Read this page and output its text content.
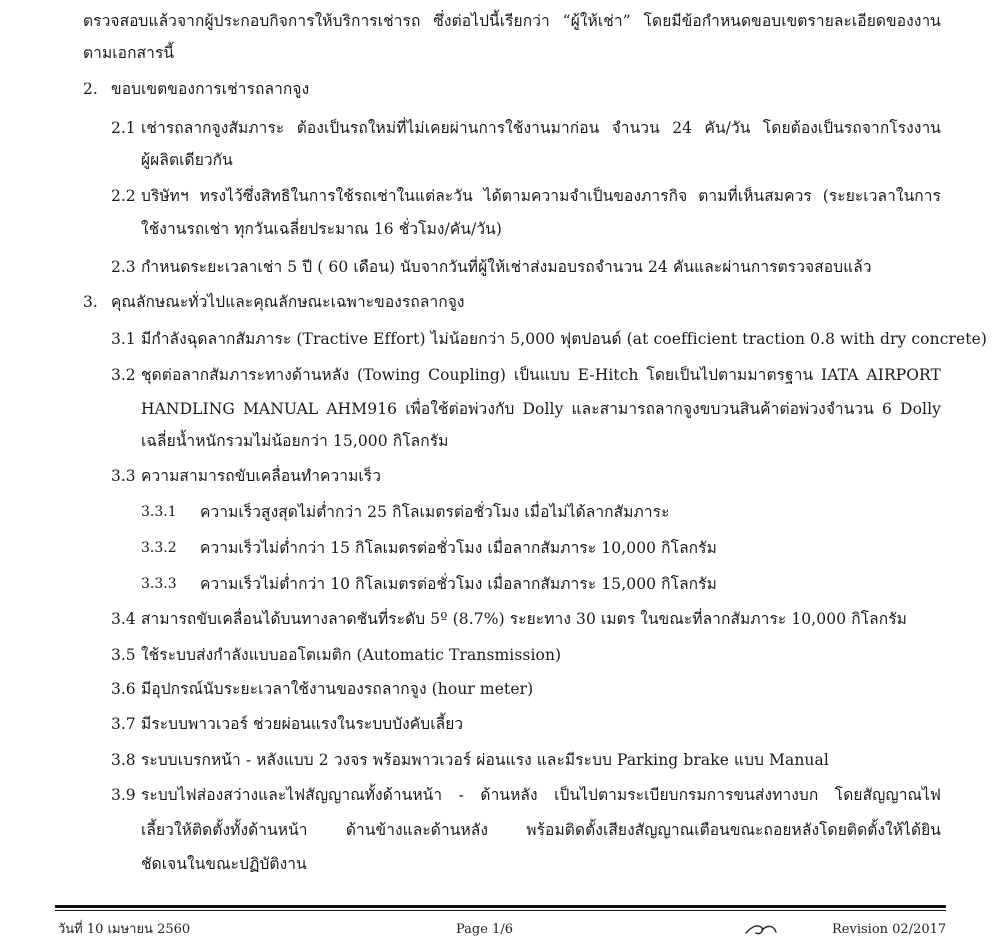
ตรวจสอบแล้วจากผู้ประกอบกิจการให้บริการเช่ารถ ซึ่งต่อไปนี้เรียกว่า “ผู้ให้เช่า” โดยมีข้อกำหนดขอบเขตรายละเอียดของงาน
ตามเอกสารนี้
2. ขอบเขตของการเช่ารถลากจูง
2.1 เช่ารถลากจูงสัมภาระ ต้องเป็นรถใหม่ที่ไม่เคยผ่านการใช้งานมาก่อน จำนวน 24 คัน/วัน โดยต้องเป็นรถจากโรงงาน
ผู้ผลิตเดียวกัน
2.2 บริษัทฯ ทรงไว้ซึ่งสิทธิในการใช้รถเช่าในแต่ละวัน ได้ตามความจำเป็นของภารกิจ ตามที่เห็นสมควร (ระยะเวลาในการ
ใช้งานรถเช่า ทุกวันเฉลี่ยประมาณ 16 ชั่วโมง/คัน/วัน)
2.3 กำหนดระยะเวลาเช่า 5 ปี ( 60 เดือน) นับจากวันที่ผู้ให้เช่าส่งมอบรถจำนวน 24 คันและผ่านการตรวจสอบแล้ว
3. คุณลักษณะทั่วไปและคุณลักษณะเฉพาะของรถลากจูง
3.1 มีกำลังฉุดลากสัมภาระ (Tractive Effort) ไม่น้อยกว่า 5,000 ฟุตปอนด์ (at coefficient traction 0.8 with dry concrete)
3.2 ชุดต่อลากสัมภาระทางด้านหลัง (Towing Coupling) เป็นแบบ E-Hitch โดยเป็นไปตามมาตรฐาน IATA AIRPORT
HANDLING MANUAL AHM916 เพื่อใช้ต่อพ่วงกับ Dolly และสามารถลากจูงขบวนสินค้าต่อพ่วงจำนวน 6 Dolly
เฉลี่ยน้ำหนักรวมไม่น้อยกว่า 15,000 กิโลกรัม
3.3 ความสามารถขับเคลื่อนทำความเร็ว
3.3.1 ความเร็วสูงสุดไม่ต่ำกว่า 25 กิโลเมตรต่อชั่วโมง เมื่อไม่ได้ลากสัมภาระ
3.3.2 ความเร็วไม่ต่ำกว่า 15 กิโลเมตรต่อชั่วโมง เมื่อลากสัมภาระ 10,000 กิโลกรัม
3.3.3 ความเร็วไม่ต่ำกว่า 10 กิโลเมตรต่อชั่วโมง เมื่อลากสัมภาระ 15,000 กิโลกรัม
3.4 สามารถขับเคลื่อนได้บนทางลาดชันที่ระดับ 5º (8.7%) ระยะทาง 30 เมตร ในขณะที่ลากสัมภาระ 10,000 กิโลกรัม
3.5 ใช้ระบบส่งกำลังแบบออโตเมติก (Automatic Transmission)
3.6 มีอุปกรณ์นับระยะเวลาใช้งานของรถลากจูง (hour meter)
3.7 มีระบบพาวเวอร์ ช่วยผ่อนแรงในระบบบังคับเลี้ยว
3.8 ระบบเบรกหน้า - หลังแบบ 2 วงจร พร้อมพาวเวอร์ ผ่อนแรง และมีระบบ Parking brake แบบ Manual
3.9 ระบบไฟส่องสว่างและไฟสัญญาณทั้งด้านหน้า - ด้านหลัง เป็นไปตามระเบียบกรมการขนส่งทางบก โดยสัญญาณไฟ
เลี้ยวให้ติดตั้งทั้งด้านหน้า ด้านข้างและด้านหลัง พร้อมติดตั้งเสียงสัญญาณเตือนขณะถอยหลังโดยติดตั้งให้ได้ยิน
ชัดเจนในขณะปฏิบัติงาน
วันที่ 10 เมษายน 2560	Page 1/6	Revision 02/2017
